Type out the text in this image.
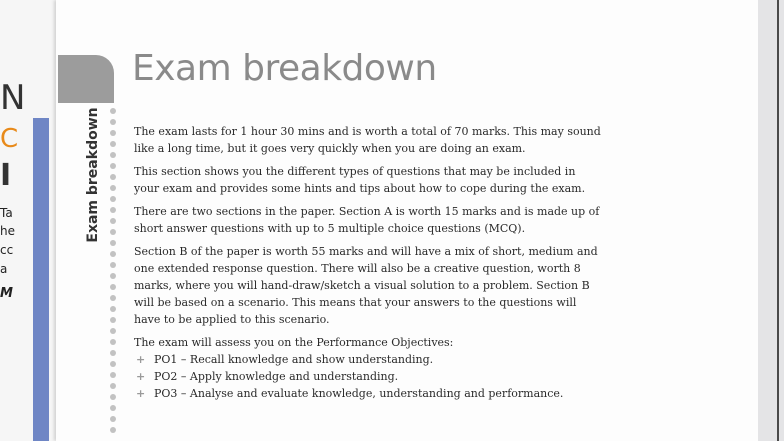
N
C
I
Ta
he
cc
a
M
Exam breakdown
Exam breakdown

The exam lasts for 1 hour 30 mins and is worth a total of 70 marks. This may sound like a long time, but it goes very quickly when you are doing an exam.

This section shows you the different types of questions that may be included in your exam and provides some hints and tips about how to cope during the exam.

There are two sections in the paper. Section A is worth 15 marks and is made up of short answer questions with up to 5 multiple choice questions (MCQ).

Section B of the paper is worth 55 marks and will have a mix of short, medium and one extended response question. There will also be a creative question, worth 8 marks, where you will hand-draw/sketch a visual solution to a problem. Section B will be based on a scenario. This means that your answers to the questions will have to be applied to this scenario.

The exam will assess you on the Performance Objectives:

+ PO1 – Recall knowledge and show understanding.
+ PO2 – Apply knowledge and understanding.
+ PO3 – Analyse and evaluate knowledge, understanding and performance.
